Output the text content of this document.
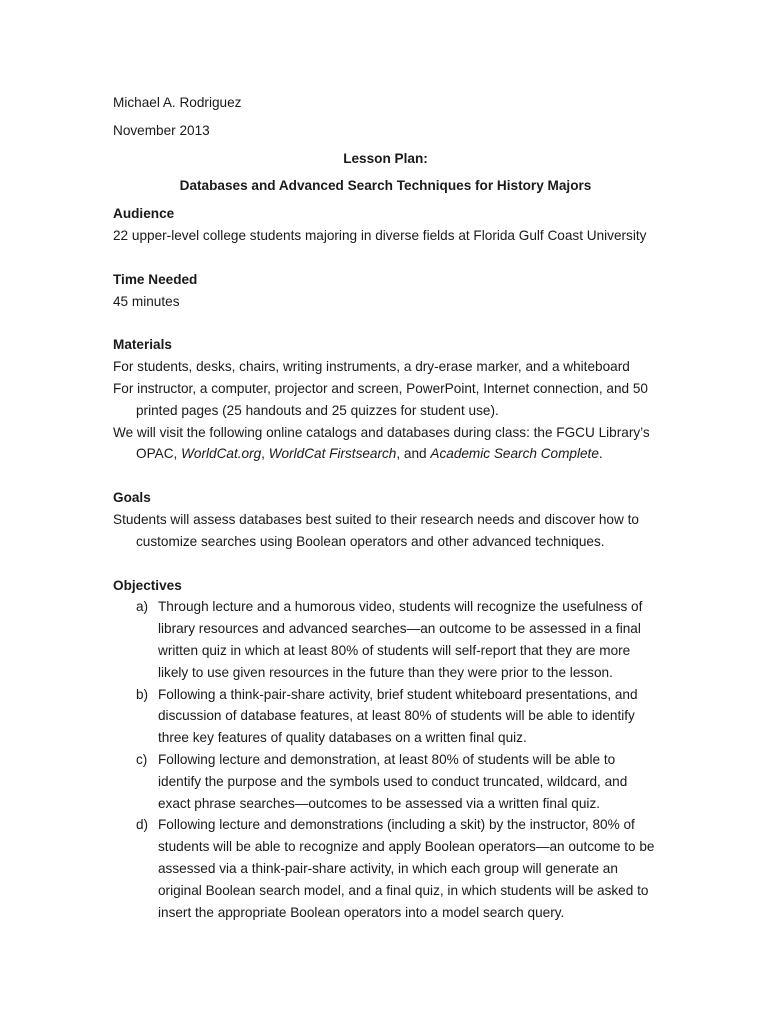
Michael A. Rodriguez

November 2013

Lesson Plan:

Databases and Advanced Search Techniques for History Majors

Audience

22 upper-level college students majoring in diverse fields at Florida Gulf Coast University

Time Needed

45 minutes

Materials

For students, desks, chairs, writing instruments, a dry-erase marker, and a whiteboard

For instructor, a computer, projector and screen, PowerPoint, Internet connection, and 50 printed pages (25 handouts and 25 quizzes for student use).

We will visit the following online catalogs and databases during class: the FGCU Library’s OPAC, WorldCat.org, WorldCat Firstsearch, and Academic Search Complete.

Goals

Students will assess databases best suited to their research needs and discover how to customize searches using Boolean operators and other advanced techniques.

Objectives

a) Through lecture and a humorous video, students will recognize the usefulness of library resources and advanced searches—an outcome to be assessed in a final written quiz in which at least 80% of students will self-report that they are more likely to use given resources in the future than they were prior to the lesson.
b) Following a think-pair-share activity, brief student whiteboard presentations, and discussion of database features, at least 80% of students will be able to identify three key features of quality databases on a written final quiz.
c) Following lecture and demonstration, at least 80% of students will be able to identify the purpose and the symbols used to conduct truncated, wildcard, and exact phrase searches—outcomes to be assessed via a written final quiz.
d) Following lecture and demonstrations (including a skit) by the instructor, 80% of students will be able to recognize and apply Boolean operators—an outcome to be assessed via a think-pair-share activity, in which each group will generate an original Boolean search model, and a final quiz, in which students will be asked to insert the appropriate Boolean operators into a model search query.
